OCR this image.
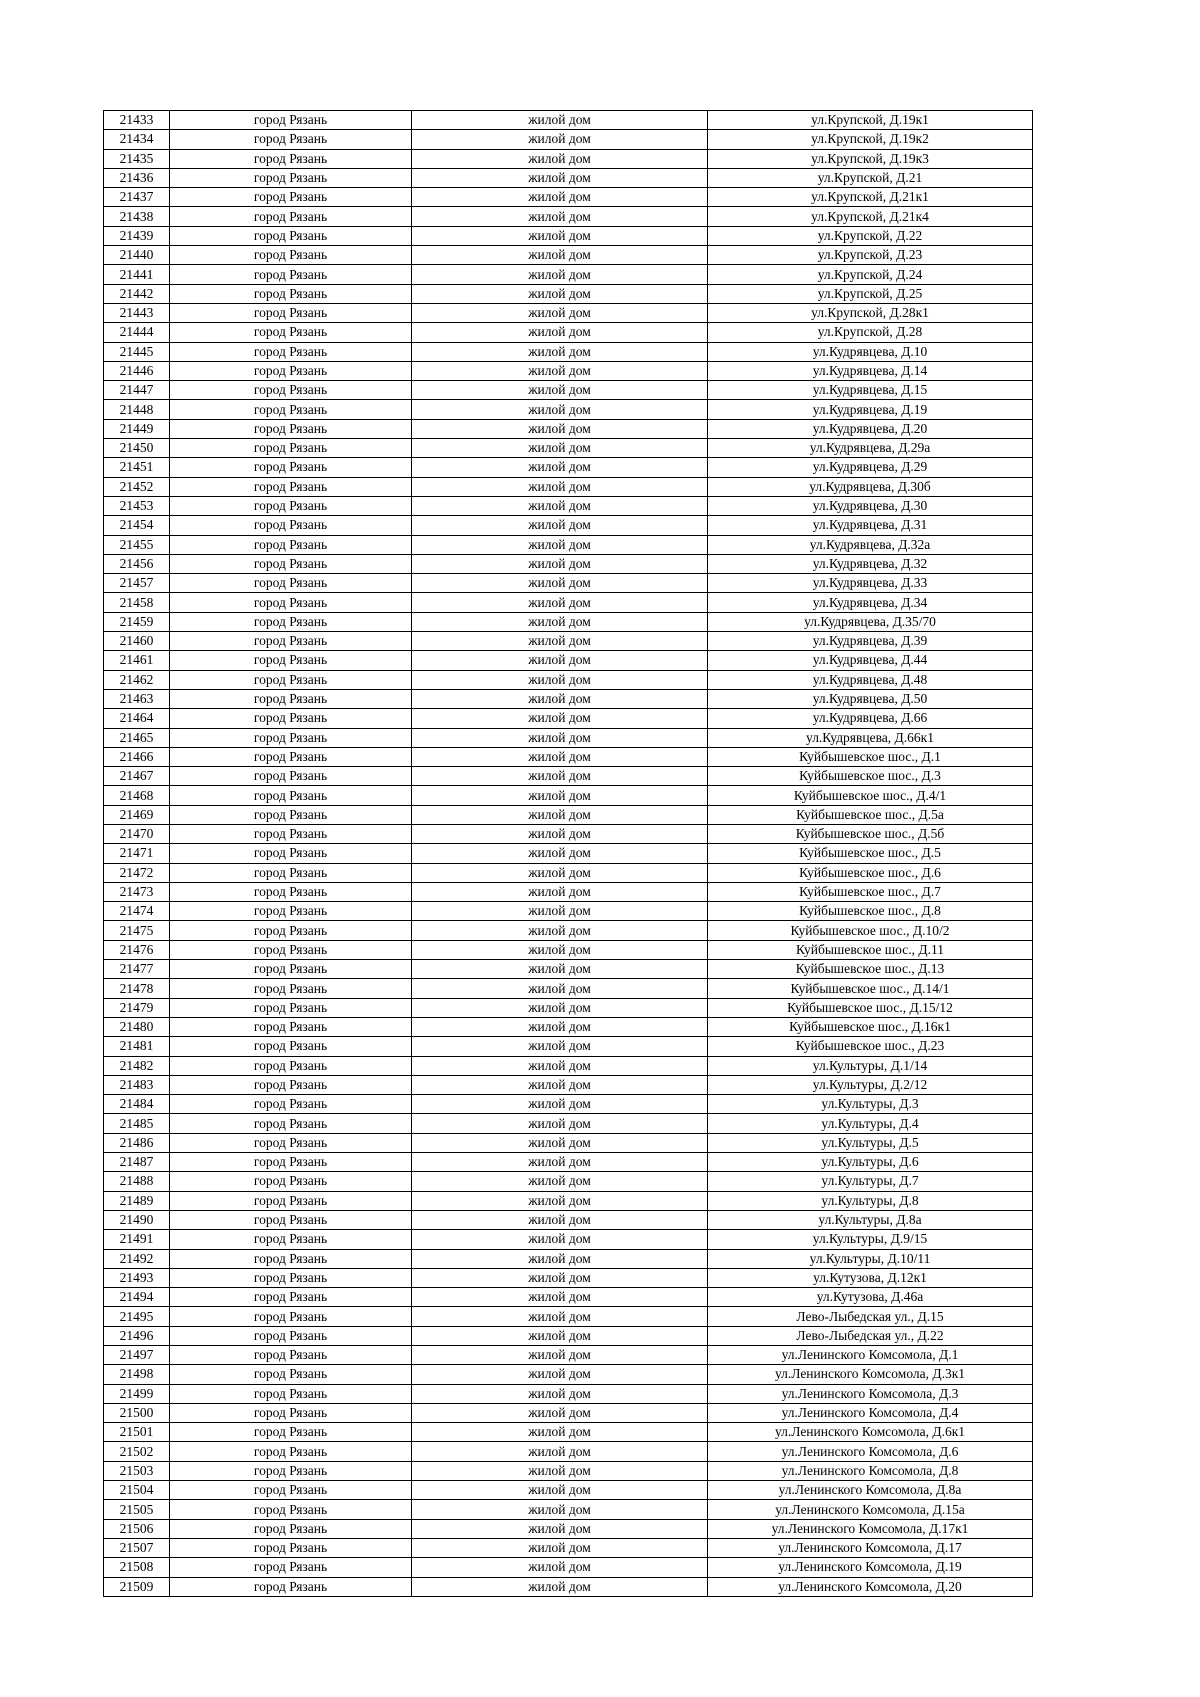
21433	город Рязань	жилой дом	ул.Крупской, Д.19к1
21434	город Рязань	жилой дом	ул.Крупской, Д.19к2
21435	город Рязань	жилой дом	ул.Крупской, Д.19к3
21436	город Рязань	жилой дом	ул.Крупской, Д.21
21437	город Рязань	жилой дом	ул.Крупской, Д.21к1
21438	город Рязань	жилой дом	ул.Крупской, Д.21к4
21439	город Рязань	жилой дом	ул.Крупской, Д.22
21440	город Рязань	жилой дом	ул.Крупской, Д.23
21441	город Рязань	жилой дом	ул.Крупской, Д.24
21442	город Рязань	жилой дом	ул.Крупской, Д.25
21443	город Рязань	жилой дом	ул.Крупской, Д.28к1
21444	город Рязань	жилой дом	ул.Крупской, Д.28
21445	город Рязань	жилой дом	ул.Кудрявцева, Д.10
21446	город Рязань	жилой дом	ул.Кудрявцева, Д.14
21447	город Рязань	жилой дом	ул.Кудрявцева, Д.15
21448	город Рязань	жилой дом	ул.Кудрявцева, Д.19
21449	город Рязань	жилой дом	ул.Кудрявцева, Д.20
21450	город Рязань	жилой дом	ул.Кудрявцева, Д.29а
21451	город Рязань	жилой дом	ул.Кудрявцева, Д.29
21452	город Рязань	жилой дом	ул.Кудрявцева, Д.30б
21453	город Рязань	жилой дом	ул.Кудрявцева, Д.30
21454	город Рязань	жилой дом	ул.Кудрявцева, Д.31
21455	город Рязань	жилой дом	ул.Кудрявцева, Д.32а
21456	город Рязань	жилой дом	ул.Кудрявцева, Д.32
21457	город Рязань	жилой дом	ул.Кудрявцева, Д.33
21458	город Рязань	жилой дом	ул.Кудрявцева, Д.34
21459	город Рязань	жилой дом	ул.Кудрявцева, Д.35/70
21460	город Рязань	жилой дом	ул.Кудрявцева, Д.39
21461	город Рязань	жилой дом	ул.Кудрявцева, Д.44
21462	город Рязань	жилой дом	ул.Кудрявцева, Д.48
21463	город Рязань	жилой дом	ул.Кудрявцева, Д.50
21464	город Рязань	жилой дом	ул.Кудрявцева, Д.66
21465	город Рязань	жилой дом	ул.Кудрявцева, Д.66к1
21466	город Рязань	жилой дом	Куйбышевское шос., Д.1
21467	город Рязань	жилой дом	Куйбышевское шос., Д.3
21468	город Рязань	жилой дом	Куйбышевское шос., Д.4/1
21469	город Рязань	жилой дом	Куйбышевское шос., Д.5а
21470	город Рязань	жилой дом	Куйбышевское шос., Д.5б
21471	город Рязань	жилой дом	Куйбышевское шос., Д.5
21472	город Рязань	жилой дом	Куйбышевское шос., Д.6
21473	город Рязань	жилой дом	Куйбышевское шос., Д.7
21474	город Рязань	жилой дом	Куйбышевское шос., Д.8
21475	город Рязань	жилой дом	Куйбышевское шос., Д.10/2
21476	город Рязань	жилой дом	Куйбышевское шос., Д.11
21477	город Рязань	жилой дом	Куйбышевское шос., Д.13
21478	город Рязань	жилой дом	Куйбышевское шос., Д.14/1
21479	город Рязань	жилой дом	Куйбышевское шос., Д.15/12
21480	город Рязань	жилой дом	Куйбышевское шос., Д.16к1
21481	город Рязань	жилой дом	Куйбышевское шос., Д.23
21482	город Рязань	жилой дом	ул.Культуры, Д.1/14
21483	город Рязань	жилой дом	ул.Культуры, Д.2/12
21484	город Рязань	жилой дом	ул.Культуры, Д.3
21485	город Рязань	жилой дом	ул.Культуры, Д.4
21486	город Рязань	жилой дом	ул.Культуры, Д.5
21487	город Рязань	жилой дом	ул.Культуры, Д.6
21488	город Рязань	жилой дом	ул.Культуры, Д.7
21489	город Рязань	жилой дом	ул.Культуры, Д.8
21490	город Рязань	жилой дом	ул.Культуры, Д.8а
21491	город Рязань	жилой дом	ул.Культуры, Д.9/15
21492	город Рязань	жилой дом	ул.Культуры, Д.10/11
21493	город Рязань	жилой дом	ул.Кутузова, Д.12к1
21494	город Рязань	жилой дом	ул.Кутузова, Д.46а
21495	город Рязань	жилой дом	Лево-Лыбедская ул., Д.15
21496	город Рязань	жилой дом	Лево-Лыбедская ул., Д.22
21497	город Рязань	жилой дом	ул.Ленинского Комсомола, Д.1
21498	город Рязань	жилой дом	ул.Ленинского Комсомола, Д.3к1
21499	город Рязань	жилой дом	ул.Ленинского Комсомола, Д.3
21500	город Рязань	жилой дом	ул.Ленинского Комсомола, Д.4
21501	город Рязань	жилой дом	ул.Ленинского Комсомола, Д.6к1
21502	город Рязань	жилой дом	ул.Ленинского Комсомола, Д.6
21503	город Рязань	жилой дом	ул.Ленинского Комсомола, Д.8
21504	город Рязань	жилой дом	ул.Ленинского Комсомола, Д.8а
21505	город Рязань	жилой дом	ул.Ленинского Комсомола, Д.15а
21506	город Рязань	жилой дом	ул.Ленинского Комсомола, Д.17к1
21507	город Рязань	жилой дом	ул.Ленинского Комсомола, Д.17
21508	город Рязань	жилой дом	ул.Ленинского Комсомола, Д.19
21509	город Рязань	жилой дом	ул.Ленинского Комсомола, Д.20
